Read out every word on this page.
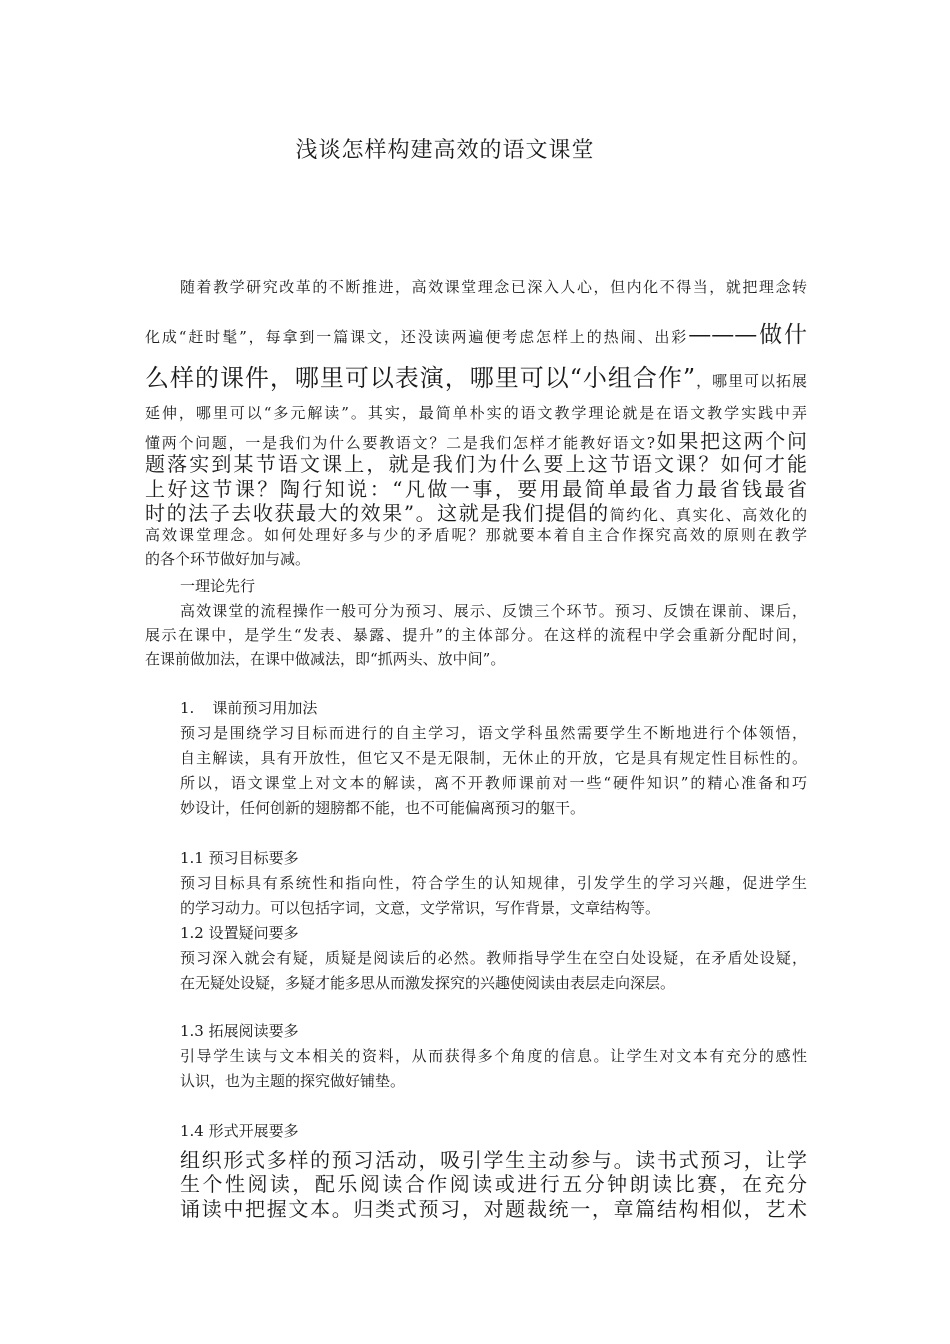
浅谈怎样构建高效的语文课堂
随着教学研究改革的不断推进，高效课堂理念已深入人心，但内化不得当，就把理念转
化成“赶时髦”，每拿到一篇课文，还没读两遍便考虑怎样上的热闹、出彩———做什
么样的课件，哪里可以表演，哪里可以“小组合作”，哪里可以拓展
延伸，哪里可以“多元解读”。其实，最简单朴实的语文教学理论就是在语文教学实践中弄
懂两个问题，一是我们为什么要教语文？二是我们怎样才能教好语文?如果把这两个问
题落实到某节语文课上，就是我们为什么要上这节语文课？如何才能
上好这节课？陶行知说：“凡做一事，要用最简单最省力最省钱最省
时的法子去收获最大的效果”。这就是我们提倡的简约化、真实化、高效化的
高效课堂理念。如何处理好多与少的矛盾呢？那就要本着自主合作探究高效的原则在教学
的各个环节做好加与减。
一理论先行
高效课堂的流程操作一般可分为预习、展示、反馈三个环节。预习、反馈在课前、课后，
展示在课中，是学生“发表、暴露、提升”的主体部分。在这样的流程中学会重新分配时间，
在课前做加法，在课中做减法，即“抓两头、放中间”。
1. 课前预习用加法
预习是围绕学习目标而进行的自主学习，语文学科虽然需要学生不断地进行个体领悟，
自主解读，具有开放性，但它又不是无限制，无休止的开放，它是具有规定性目标性的。
所以，语文课堂上对文本的解读，离不开教师课前对一些“硬件知识”的精心准备和巧
妙设计，任何创新的翅膀都不能，也不可能偏离预习的躯干。
1.1 预习目标要多
预习目标具有系统性和指向性，符合学生的认知规律，引发学生的学习兴趣，促进学生
的学习动力。可以包括字词，文意，文学常识，写作背景，文章结构等。
1.2 设置疑问要多
预习深入就会有疑，质疑是阅读后的必然。教师指导学生在空白处设疑，在矛盾处设疑，
在无疑处设疑，多疑才能多思从而激发探究的兴趣使阅读由表层走向深层。
1.3 拓展阅读要多
引导学生读与文本相关的资料，从而获得多个角度的信息。让学生对文本有充分的感性
认识，也为主题的探究做好铺垫。
1.4 形式开展要多
组织形式多样的预习活动，吸引学生主动参与。读书式预习，让学
生个性阅读，配乐阅读合作阅读或进行五分钟朗读比赛，在充分
诵读中把握文本。归类式预习，对题裁统一，章篇结构相似，艺术
